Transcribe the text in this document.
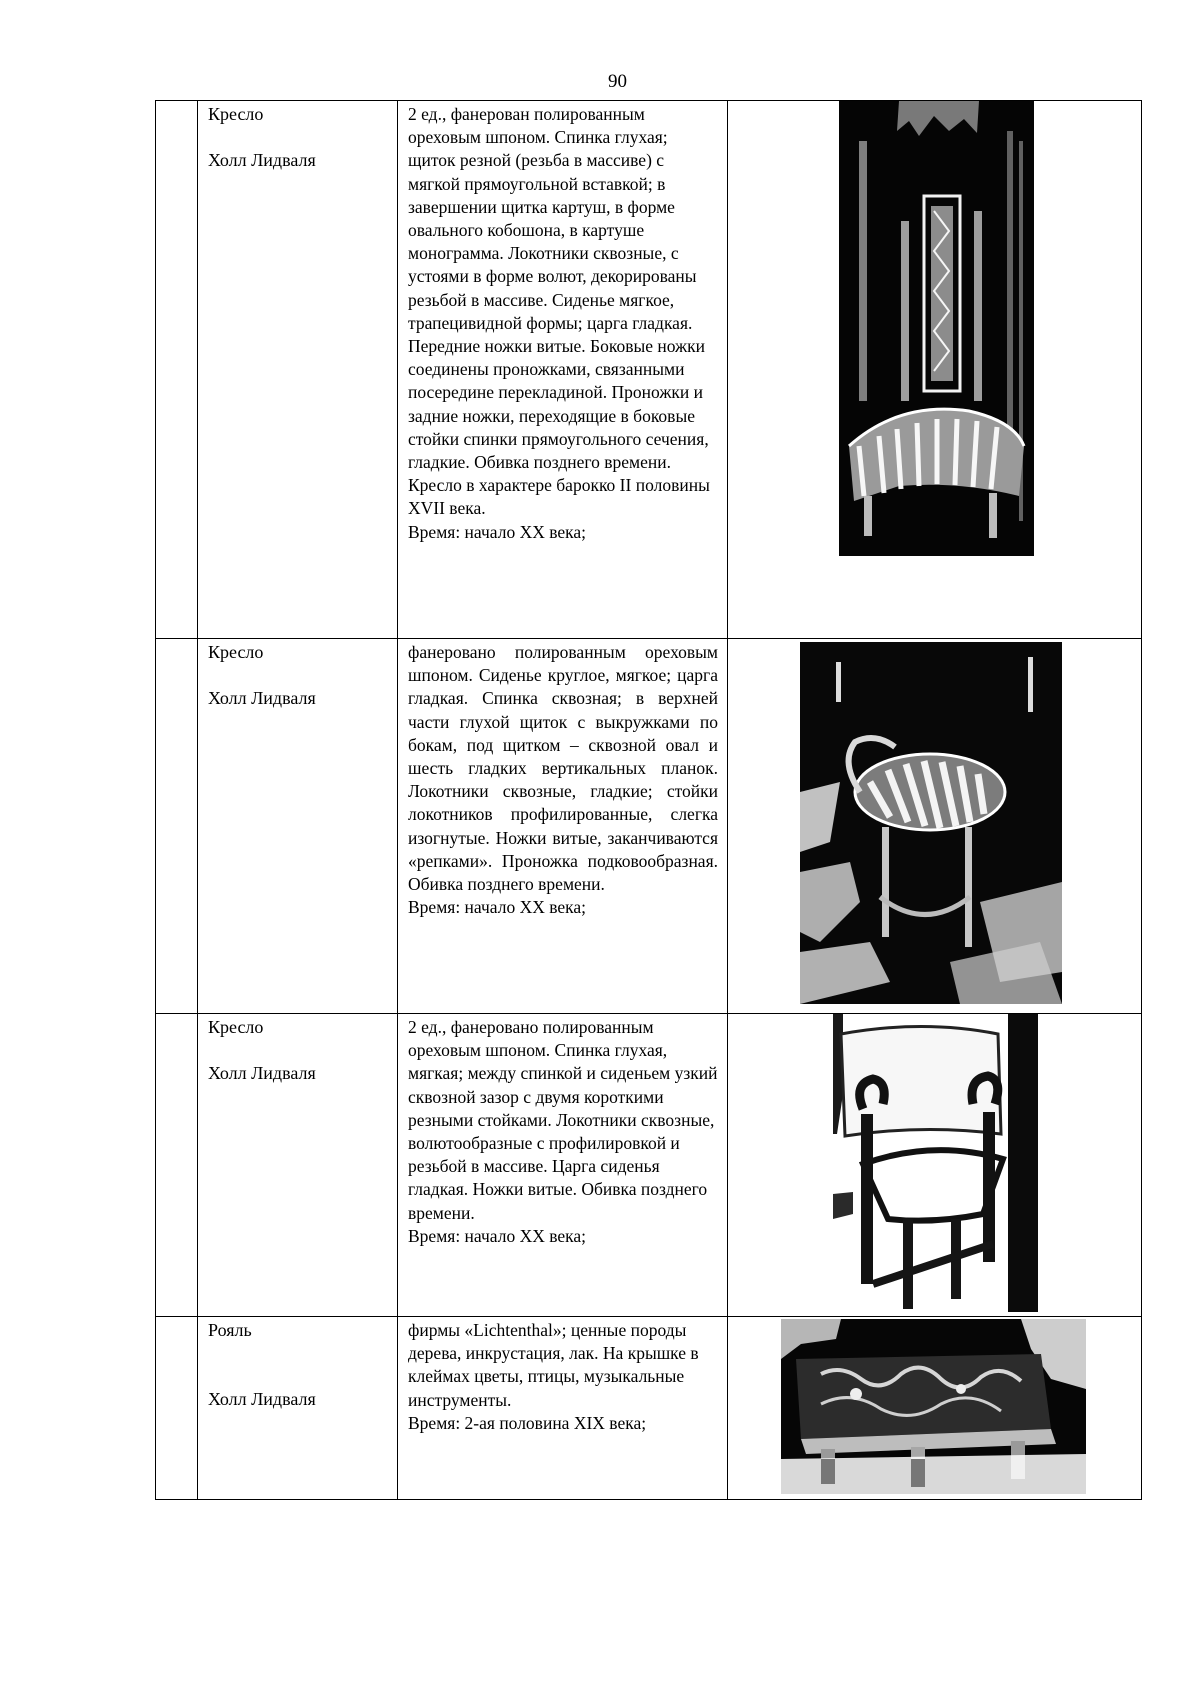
90

	Кресло
Холл Лидваля	2 ед., фанерован полированным ореховым шпоном. Спинка глухая; щиток резной (резьба в массиве) с мягкой прямоугольной вставкой; в завершении щитка картуш, в форме овального кобошона, в картуше монограмма. Локотники сквозные, с устоями в форме волют, декорированы резьбой в массиве. Сиденье мягкое, трапецивидной формы; царга гладкая. Передние ножки витые. Боковые ножки соединены проножками, связанными посередине перекладиной. Проножки и задние ножки, переходящие в боковые стойки спинки прямоугольного сечения, гладкие. Обивка позднего времени. Кресло в характере барокко II половины XVII века.
Время: начало XX века;

	Кресло
Холл Лидваля	фанеровано полированным ореховым шпоном. Сиденье круглое, мягкое; царга гладкая. Спинка сквозная; в верхней части глухой щиток с выкружками по бокам, под щитком – сквозной овал и шесть гладких вертикальных планок. Локотники сквозные, гладкие; стойки локотников профилированные, слегка изогнутые. Ножки витые, заканчиваются «репками». Проножка подковообразная. Обивка позднего времени.
Время: начало XX века;

	Кресло
Холл Лидваля	2 ед., фанеровано полированным ореховым шпоном. Спинка глухая, мягкая; между спинкой и сиденьем узкий сквозной зазор с двумя короткими резными стойками. Локотники сквозные, волютообразные с профилировкой и резьбой в массиве. Царга сиденья гладкая. Ножки витые. Обивка позднего времени.
Время: начало XX века;

	Рояль
Холл Лидваля	фирмы «Lichtenthal»; ценные породы дерева, инкрустация, лак. На крышке в клеймах цветы, птицы, музыкальные инструменты.
Время: 2-ая половина XIX века;
